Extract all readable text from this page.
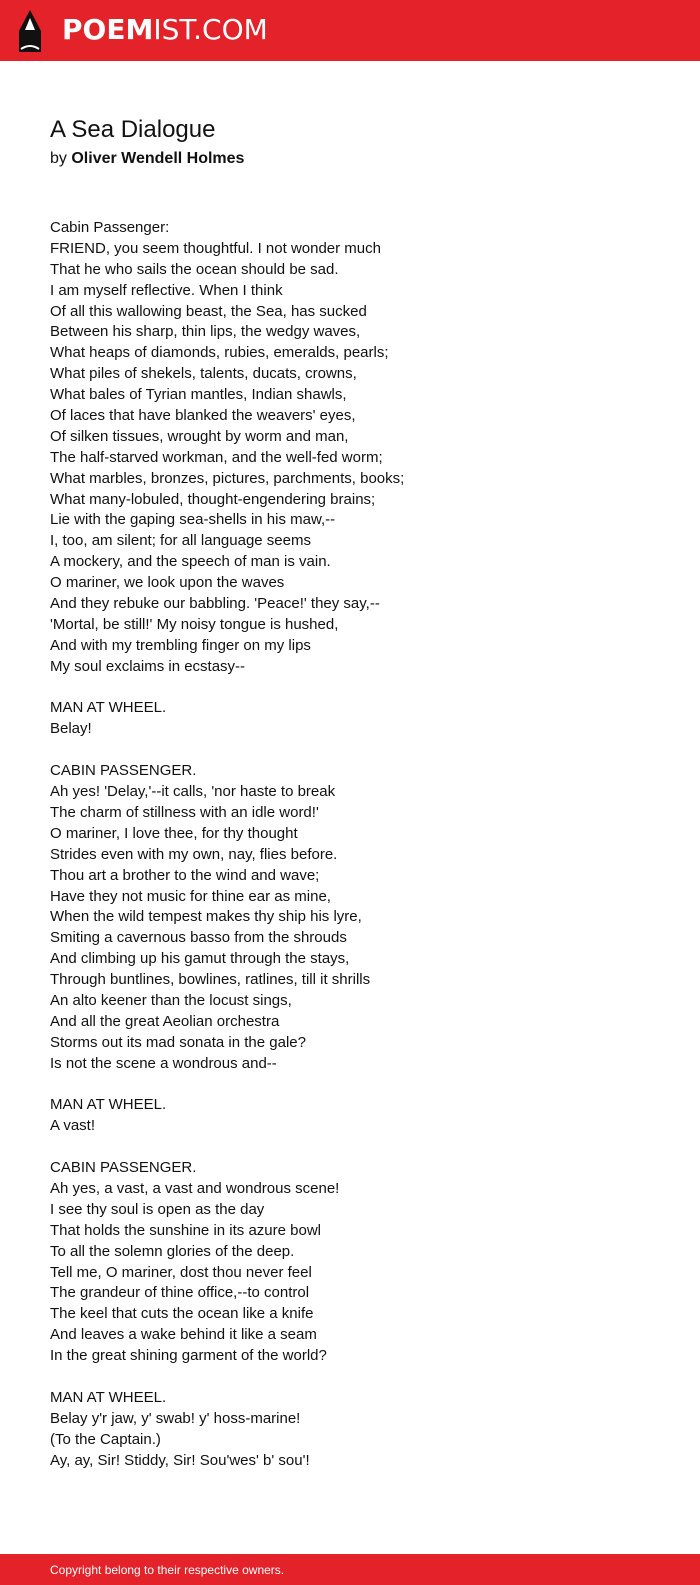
POEMIST.COM
A Sea Dialogue
by Oliver Wendell Holmes
Cabin Passenger:
FRIEND, you seem thoughtful. I not wonder much
That he who sails the ocean should be sad.
I am myself reflective. When I think
Of all this wallowing beast, the Sea, has sucked
Between his sharp, thin lips, the wedgy waves,
What heaps of diamonds, rubies, emeralds, pearls;
What piles of shekels, talents, ducats, crowns,
What bales of Tyrian mantles, Indian shawls,
Of laces that have blanked the weavers' eyes,
Of silken tissues, wrought by worm and man,
The half-starved workman, and the well-fed worm;
What marbles, bronzes, pictures, parchments, books;
What many-lobuled, thought-engendering brains;
Lie with the gaping sea-shells in his maw,--
I, too, am silent; for all language seems
A mockery, and the speech of man is vain.
O mariner, we look upon the waves
And they rebuke our babbling. 'Peace!' they say,--
'Mortal, be still!' My noisy tongue is hushed,
And with my trembling finger on my lips
My soul exclaims in ecstasy--
MAN AT WHEEL.
Belay!
CABIN PASSENGER.
Ah yes! 'Delay,'--it calls, 'nor haste to break
The charm of stillness with an idle word!'
O mariner, I love thee, for thy thought
Strides even with my own, nay, flies before.
Thou art a brother to the wind and wave;
Have they not music for thine ear as mine,
When the wild tempest makes thy ship his lyre,
Smiting a cavernous basso from the shrouds
And climbing up his gamut through the stays,
Through buntlines, bowlines, ratlines, till it shrills
An alto keener than the locust sings,
And all the great Aeolian orchestra
Storms out its mad sonata in the gale?
Is not the scene a wondrous and--
MAN AT WHEEL.
A vast!
CABIN PASSENGER.
Ah yes, a vast, a vast and wondrous scene!
I see thy soul is open as the day
That holds the sunshine in its azure bowl
To all the solemn glories of the deep.
Tell me, O mariner, dost thou never feel
The grandeur of thine office,--to control
The keel that cuts the ocean like a knife
And leaves a wake behind it like a seam
In the great shining garment of the world?
MAN AT WHEEL.
Belay y'r jaw, y' swab! y' hoss-marine!
(To the Captain.)
Ay, ay, Sir! Stiddy, Sir! Sou'wes' b' sou'!
Copyright belong to their respective owners.
